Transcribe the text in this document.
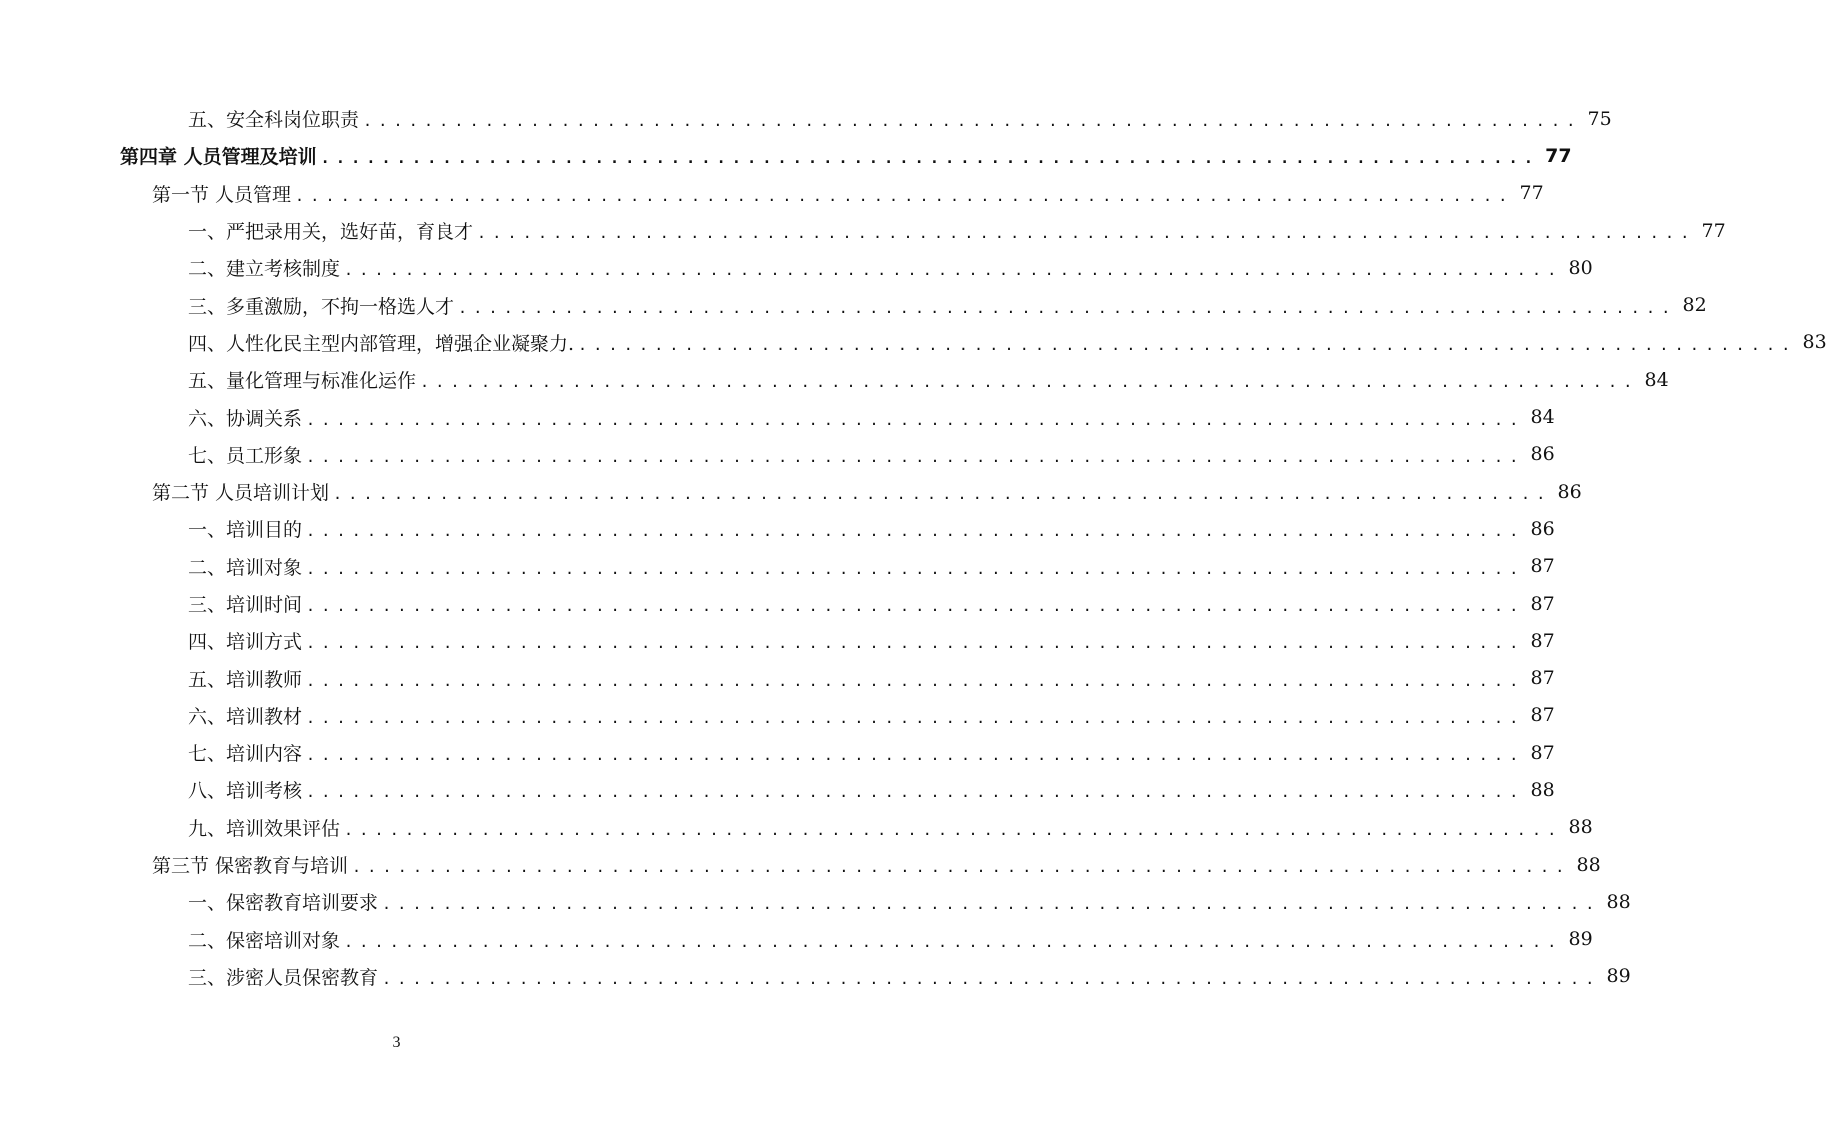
五、安全科岗位职责 ................................................................................ 75
第四章 人员管理及培训 ................................................................................ 77
第一节 人员管理 ................................................................................ 77
一、严把录用关，选好苗，育良才 ................................................................................ 77
二、建立考核制度 ................................................................................ 80
三、多重激励，不拘一格选人才 ................................................................................ 82
四、人性化民主型内部管理，增强企业凝聚力. ................................................................................ 83
五、量化管理与标准化运作 ................................................................................ 84
六、协调关系 ................................................................................ 84
七、员工形象 ................................................................................ 86
第二节 人员培训计划 ................................................................................ 86
一、培训目的 ................................................................................ 86
二、培训对象 ................................................................................ 87
三、培训时间 ................................................................................ 87
四、培训方式 ................................................................................ 87
五、培训教师 ................................................................................ 87
六、培训教材 ................................................................................ 87
七、培训内容 ................................................................................ 87
八、培训考核 ................................................................................ 88
九、培训效果评估 ................................................................................ 88
第三节 保密教育与培训 ................................................................................ 88
一、保密教育培训要求 ................................................................................ 88
二、保密培训对象 ................................................................................ 89
三、涉密人员保密教育 ................................................................................ 89
3
